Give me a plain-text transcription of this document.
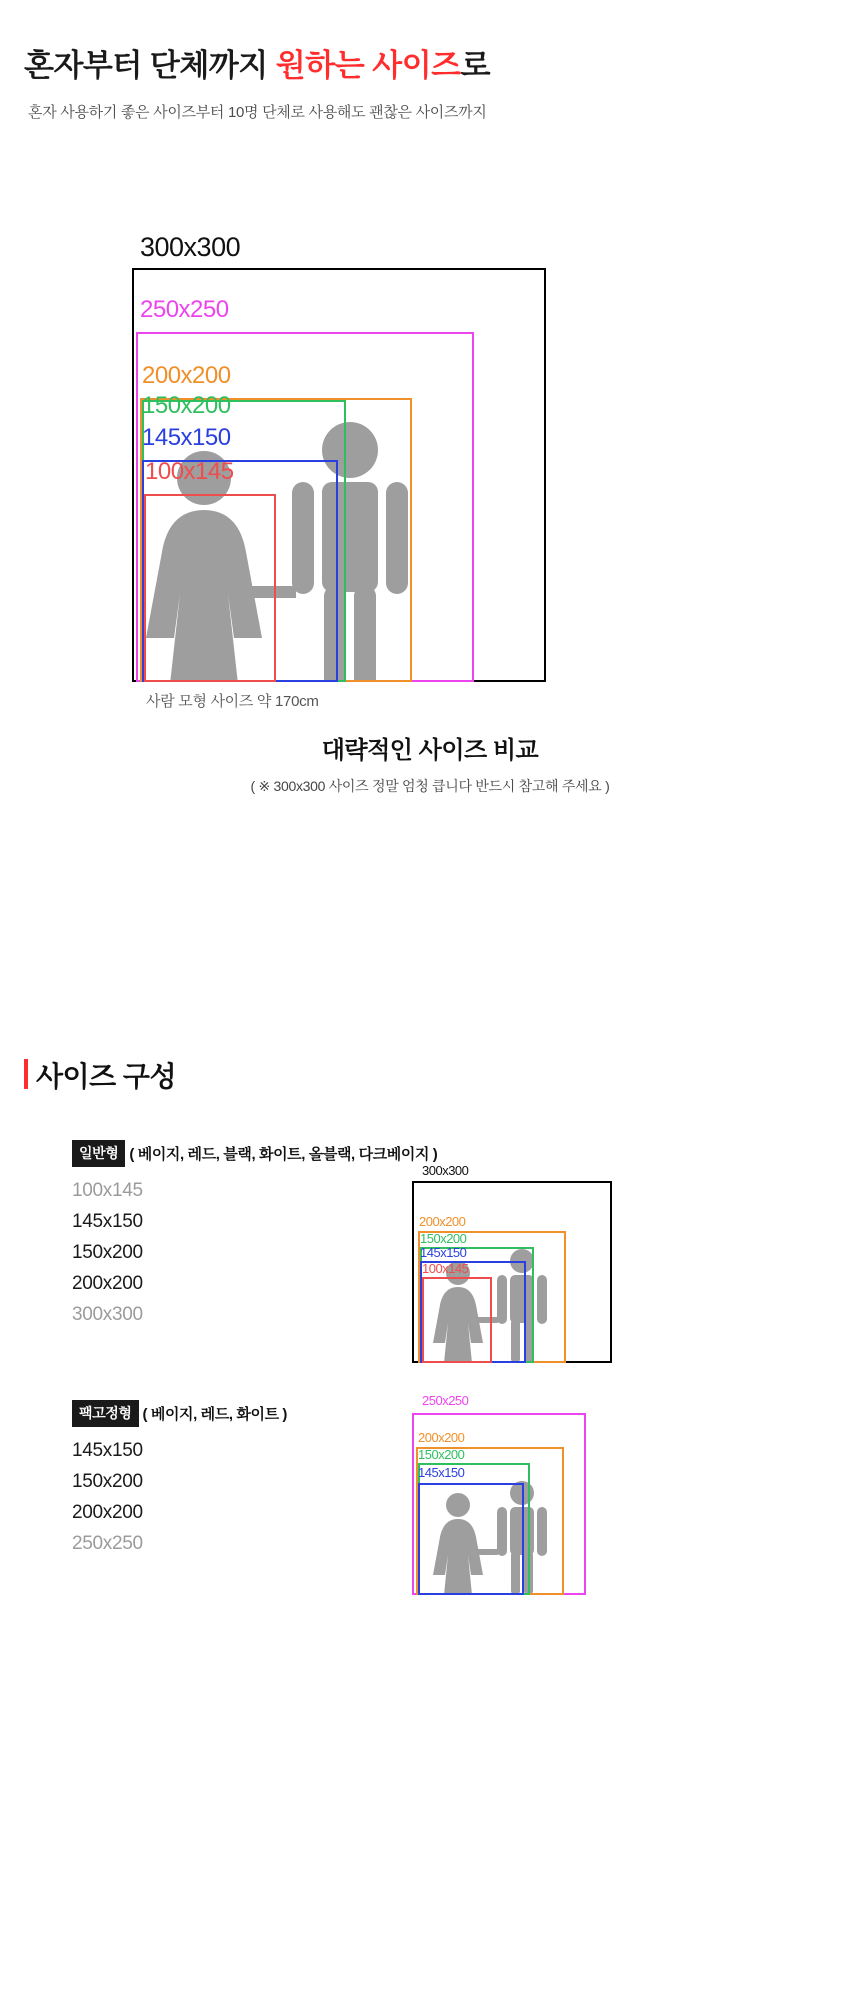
혼자부터 단체까지 원하는 사이즈로
혼자 사용하기 좋은 사이즈부터 10명 단체로 사용해도 괜찮은 사이즈까지
300x300
250x250
200x200
150x200
145x150
100x145
사람 모형 사이즈 약 170cm
대략적인 사이즈 비교
( ※ 300x300 사이즈 정말 엄청 큽니다 반드시 참고해 주세요 )
사이즈 구성
일반형 ( 베이지, 레드, 블랙, 화이트, 올블랙, 다크베이지 )
100x145
145x150
150x200
200x200
300x300
300x300
200x200
150x200
145x150
100x145
팩고정형 ( 베이지, 레드, 화이트 )
145x150
150x200
200x200
250x250
250x250
200x200
150x200
145x150
